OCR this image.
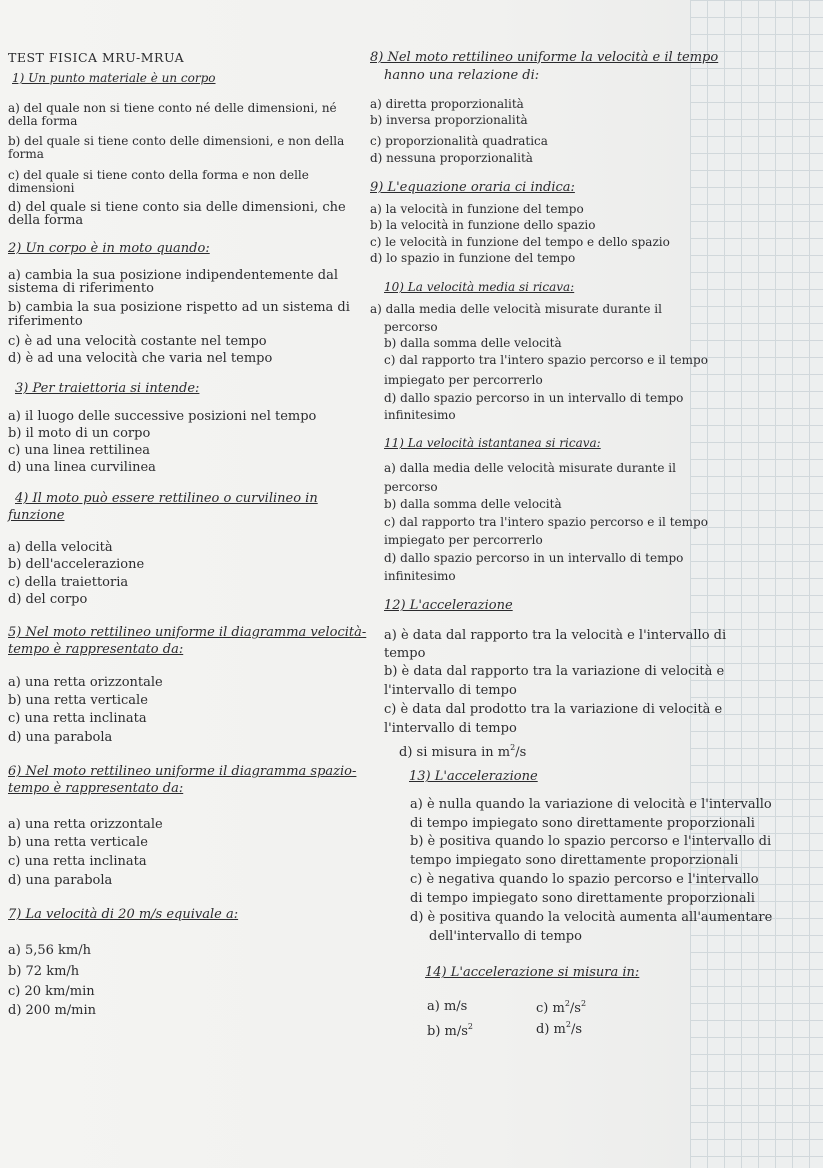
TEST FISICA MRU-MRUA
1) Un punto materiale è un corpo
a) del quale non si tiene conto né delle dimensioni, né
della forma
b) del quale si tiene conto delle dimensioni, e non della
forma
c) del quale si tiene conto della forma e non delle
dimensioni
d) del quale si tiene conto sia delle dimensioni, che
della forma
2) Un corpo è in moto quando:
a) cambia la sua posizione indipendentemente dal
sistema di riferimento
b) cambia la sua posizione rispetto ad un sistema di
riferimento
c) è ad una velocità costante nel tempo
d) è ad una velocità che varia nel tempo
3) Per traiettoria si intende:
a) il luogo delle successive posizioni nel tempo
b) il moto di un corpo
c) una linea rettilinea
d) una linea curvilinea
4) Il moto può essere rettilineo o curvilineo in
funzione
a) della velocità
b) dell'accelerazione
c) della traiettoria
d) del corpo
5) Nel moto rettilineo uniforme il diagramma velocità-
tempo è rappresentato da:
a) una retta orizzontale
b) una retta verticale
c) una retta inclinata
d) una parabola
6) Nel moto rettilineo uniforme il diagramma spazio-
tempo è rappresentato da:
a) una retta orizzontale
b) una retta verticale
c) una retta inclinata
d) una parabola
7) La velocità di 20 m/s equivale a:
a) 5,56 km/h
b) 72 km/h
c) 20 km/min
d) 200 m/min
8) Nel moto rettilineo uniforme la velocità e il tempo
hanno una relazione di:
a) diretta proporzionalità
b) inversa proporzionalità
c) proporzionalità quadratica
d) nessuna proporzionalità
9) L'equazione oraria ci indica:
a) la velocità in funzione del tempo
b) la velocità in funzione dello spazio
c) le velocità in funzione del tempo e dello spazio
d) lo spazio in funzione del tempo
10) La velocità media si ricava:
a) dalla media delle velocità misurate durante il
percorso
b) dalla somma delle velocità
c) dal rapporto tra l'intero spazio percorso e il tempo
impiegato per percorrerlo
d) dallo spazio percorso in un intervallo di tempo
infinitesimo
11) La velocità istantanea si ricava:
a) dalla media delle velocità misurate durante il
percorso
b) dalla somma delle velocità
c) dal rapporto tra l'intero spazio percorso e il tempo
impiegato per percorrerlo
d) dallo spazio percorso in un intervallo di tempo
infinitesimo
12) L'accelerazione
a) è data dal rapporto tra la velocità e l'intervallo di
tempo
b) è data dal rapporto tra la variazione di velocità e
l'intervallo di tempo
c) è data dal prodotto tra la variazione di velocità e
l'intervallo di tempo
d) si misura in $m^2/s$
13) L'accelerazione
a) è nulla quando la variazione di velocità e l'intervallo
di tempo impiegato sono direttamente proporzionali
b) è positiva quando lo spazio percorso e l'intervallo di
tempo impiegato sono direttamente proporzionali
c) è negativa quando lo spazio percorso e l'intervallo
di tempo impiegato sono direttamente proporzionali
d) è positiva quando la velocità aumenta all'aumentare
dell'intervallo di tempo
14) L'accelerazione si misura in:
a) m/s
b) $m/s^2$
c) $m^2/s^2$
d) $m^2/s$
